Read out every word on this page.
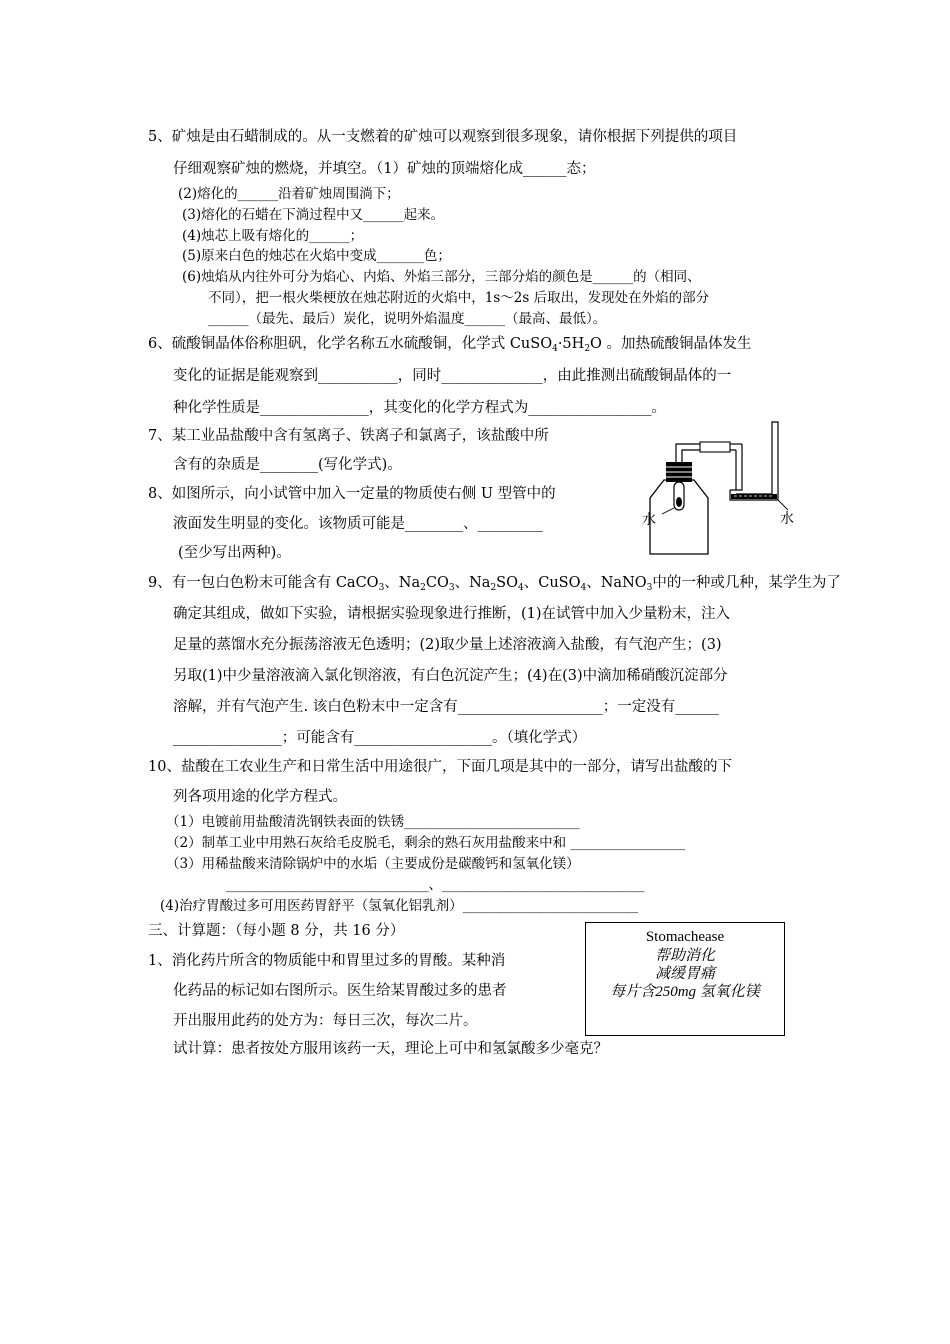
5、矿烛是由石蜡制成的。从一支燃着的矿烛可以观察到很多现象，请你根据下列提供的项目
仔细观察矿烛的燃烧，并填空。（1）矿烛的顶端熔化成______态；
(2)熔化的______沿着矿烛周围淌下；
(3)熔化的石蜡在下淌过程中又______起来。
(4)烛芯上吸有熔化的______；
(5)原来白色的烛芯在火焰中变成_______色；
(6)烛焰从内往外可分为焰心、内焰、外焰三部分，三部分焰的颜色是______的（相同、
不同），把一根火柴梗放在烛芯附近的火焰中，1s～2s 后取出，发现处在外焰的部分
______（最先、最后）炭化，说明外焰温度______（最高、最低）。
6、硫酸铜晶体俗称胆矾，化学名称五水硫酸铜，化学式 $CuSO_4\cdot 5H_2O$ 。加热硫酸铜晶体发生
变化的证据是能观察到___________，同时______________，由此推测出硫酸铜晶体的一
种化学性质是_______________，其变化的化学方程式为_________________。
7、某工业品盐酸中含有氢离子、铁离子和氯离子，该盐酸中所
含有的杂质是________(写化学式)。
8、如图所示，向小试管中加入一定量的物质使右侧 U 型管中的
液面发生明显的变化。该物质可能是________、_________
(至少写出两种)。
水
水
9、有一包白色粉末可能含有 CaCO$_3$、$Na_2CO_3$、$Na_2SO_4$、CuSO$_4$、NaNO$_3$中的一种或几种，某学生为了
确定其组成，做如下实验，请根据实验现象进行推断，(1)在试管中加入少量粉末，注入
足量的蒸馏水充分振荡溶液无色透明；(2)取少量上述溶液滴入盐酸，有气泡产生；(3)
另取(1)中少量溶液滴入氯化钡溶液，有白色沉淀产生；(4)在(3)中滴加稀硝酸沉淀部分
溶解，并有气泡产生. 该白色粉末中一定含有____________________；一定没有______
_______________；可能含有___________________。（填化学式）
10、盐酸在工农业生产和日常生活中用途很广，下面几项是其中的一部分，请写出盐酸的下
列各项用途的化学方程式。
（1）电镀前用盐酸清洗钢铁表面的铁锈__________________________
（2）制革工业中用熟石灰给毛皮脱毛，剩余的熟石灰用盐酸来中和 _________________
（3）用稀盐酸来清除锅炉中的水垢（主要成份是碳酸钙和氢氧化镁）
______________________________、______________________________
(4)治疗胃酸过多可用医药胃舒平（氢氧化铝乳剂）__________________________
三、计算题：（每小题 8 分，共 16 分）
1、消化药片所含的物质能中和胃里过多的胃酸。某种消
化药品的标记如右图所示。医生给某胃酸过多的患者
开出服用此药的处方为：每日三次，每次二片。
试计算：患者按处方服用该药一天，理论上可中和氢氯酸多少毫克？
Stomachease
帮助消化
减缓胃痛
每片含250mg 氢氧化镁
